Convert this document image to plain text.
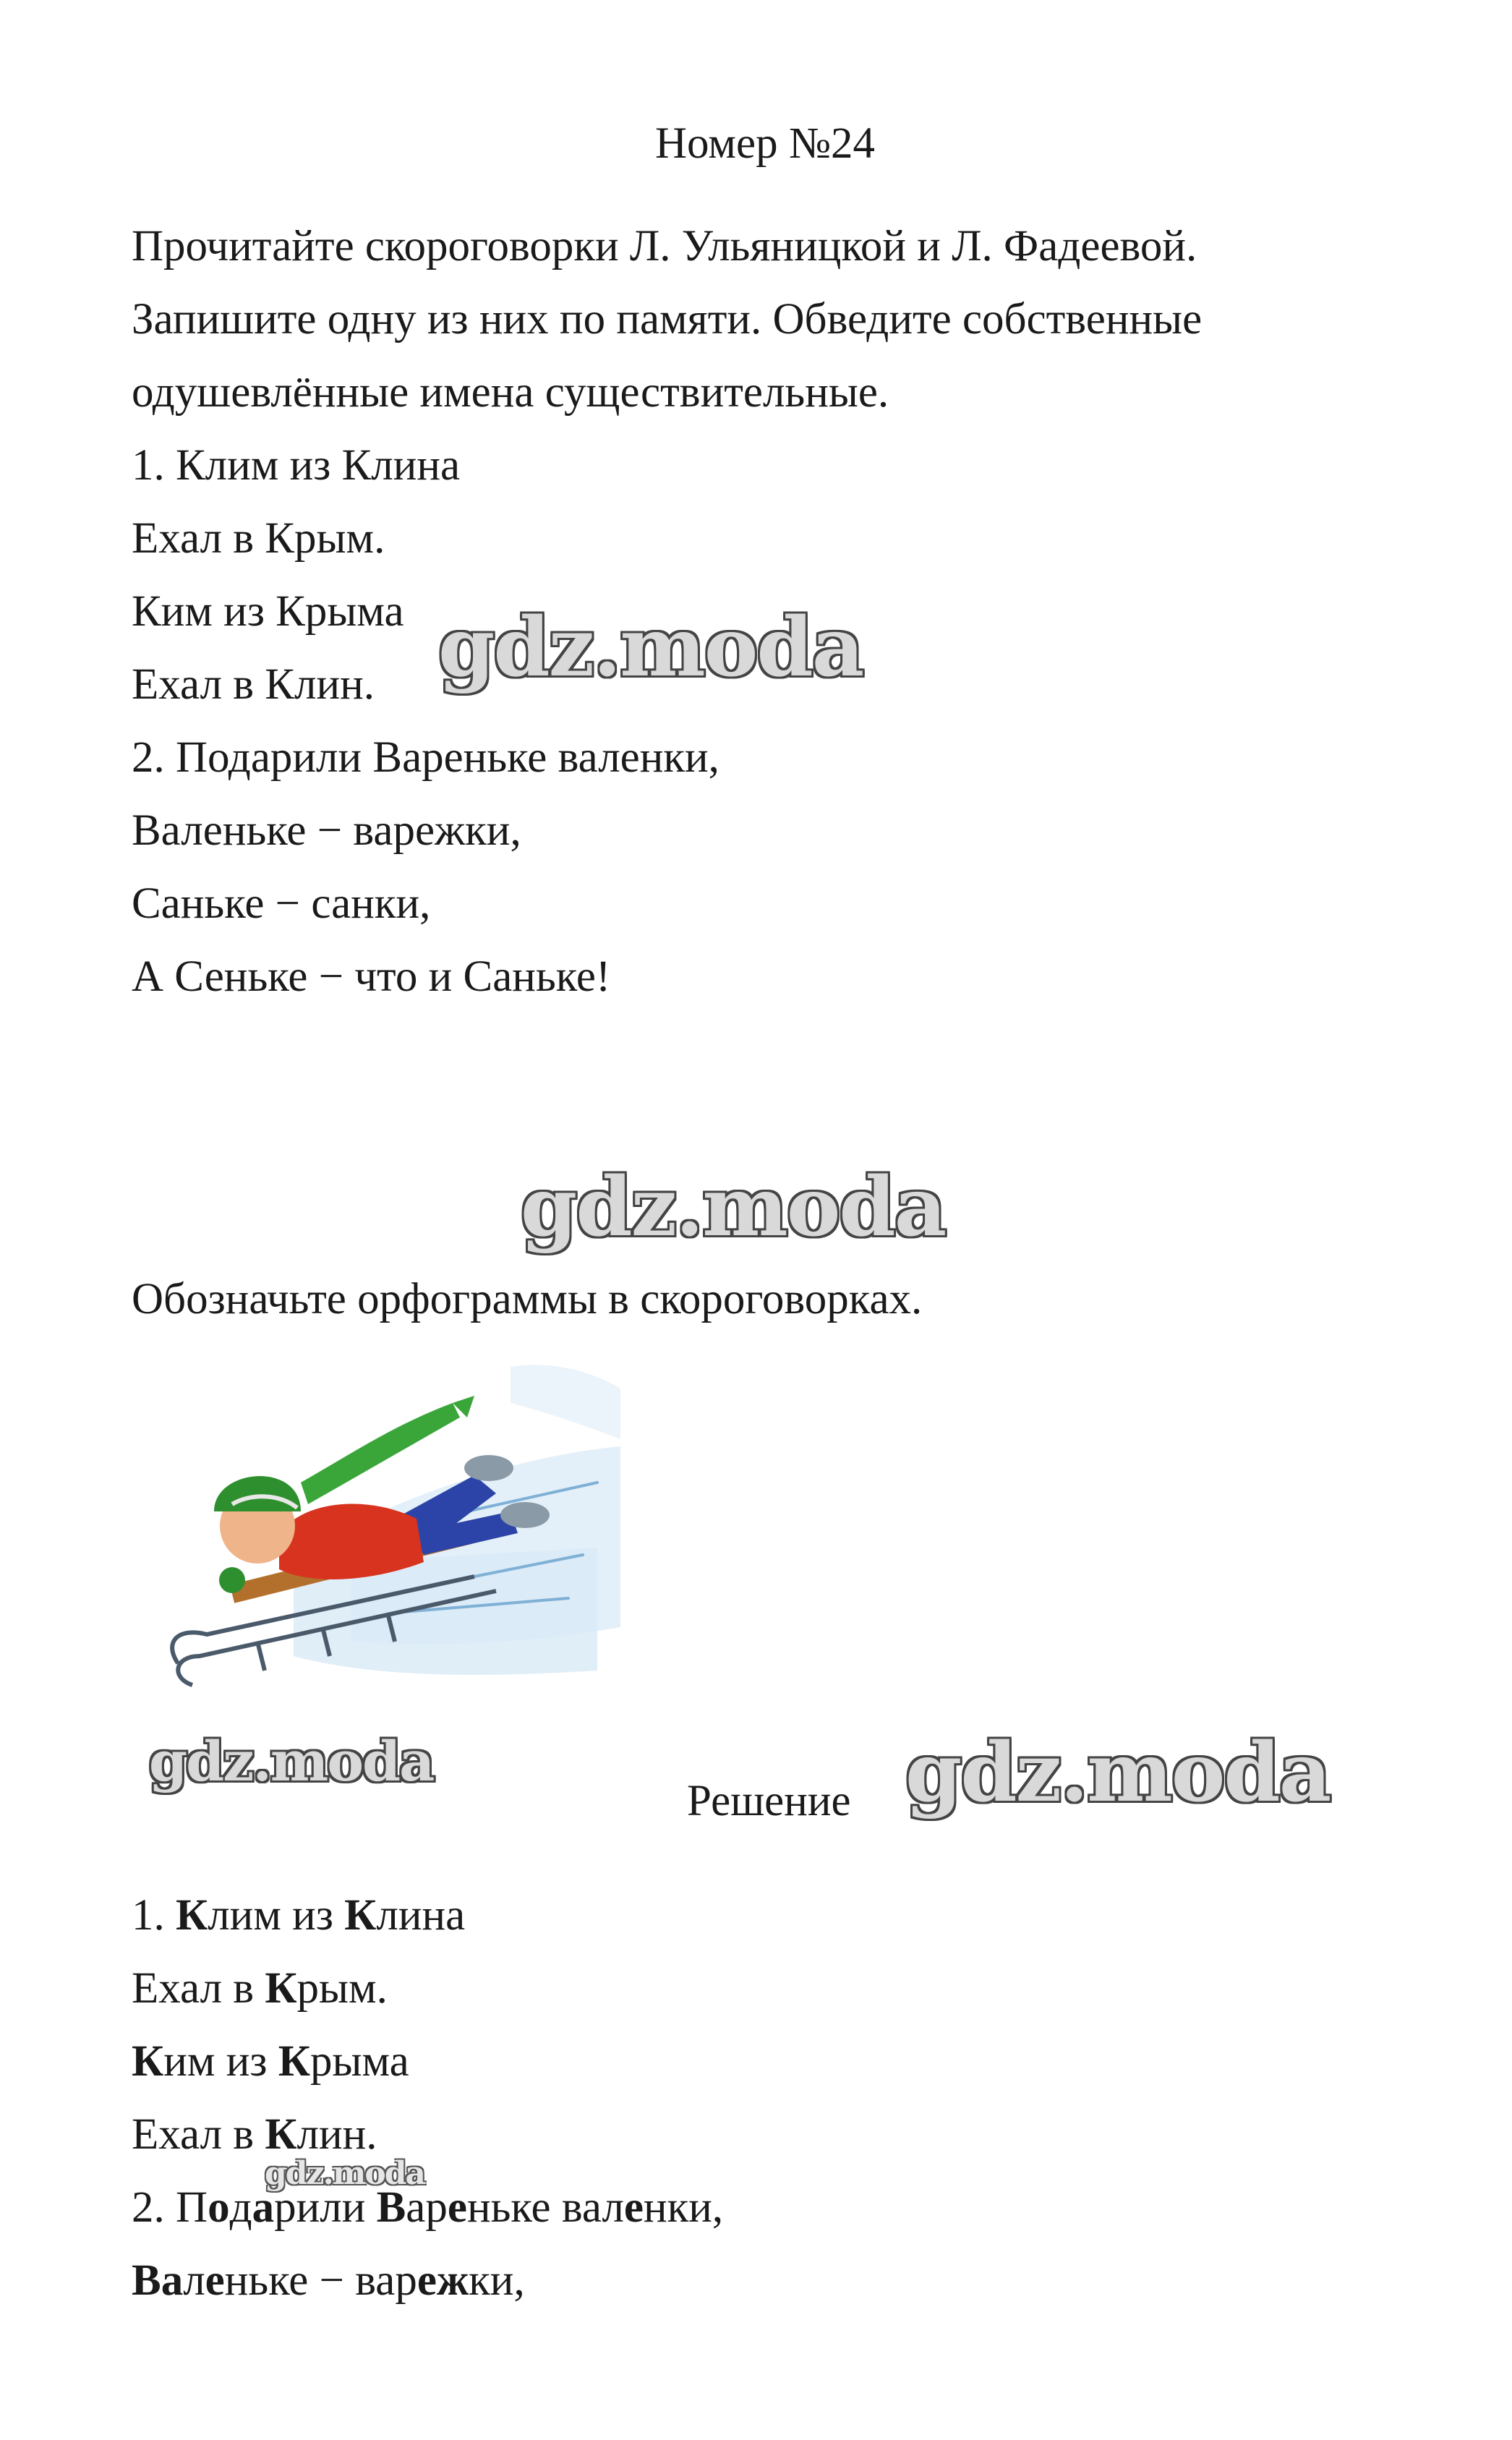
Номер №24

Прочитайте скороговорки Л. Ульяницкой и Л. Фадеевой.

Запишите одну из них по памяти. Обведите собственные

одушевлённые имена существительные.

1. Клим из Клина

Ехал в Крым.

Ким из Крыма

Ехал в Клин.

2. Подарили Вареньке валенки,

Валеньке − варежки,

Саньке − санки,

А Сеньке − что и Саньке!

gdz.moda
gdz.moda
gdz.moda	gdz.moda
gdz.moda

Обозначьте орфограммы в скороговорках.

Решение

1. Клим из Клина

Ехал в Крым.

Ким из Крыма

Ехал в Клин.

2. Подарили Вареньке валенки,

Валеньке − варежки,
